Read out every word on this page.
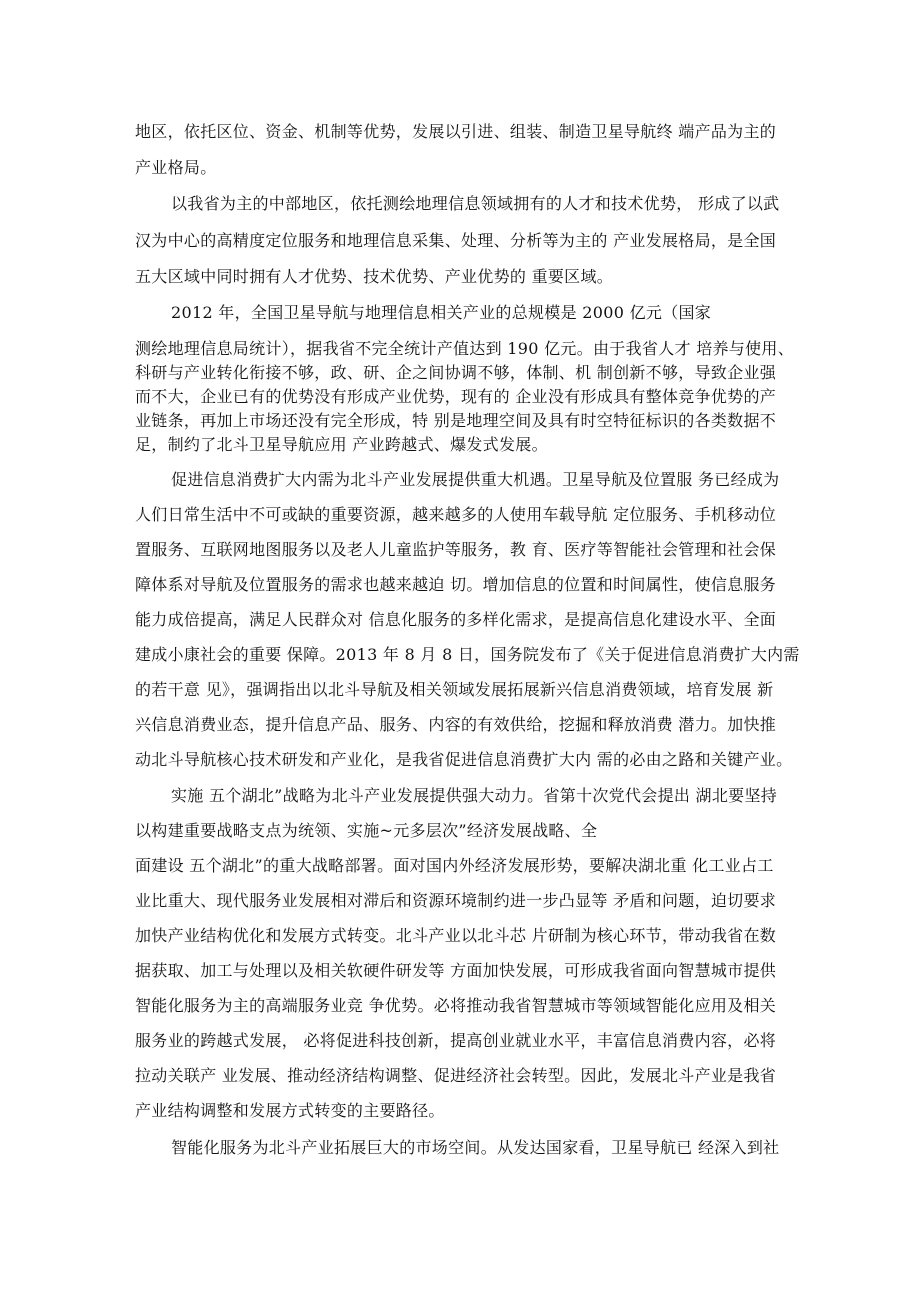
地区，依托区位、资金、机制等优势，发展以引进、组装、制造卫星导航终 端产品为主的
产业格局。
以我省为主的中部地区，依托测绘地理信息领域拥有的人才和技术优势， 形成了以武
汉为中心的高精度定位服务和地理信息采集、处理、分析等为主的 产业发展格局，是全国
五大区域中同时拥有人才优势、技术优势、产业优势的 重要区域。
2012 年，全国卫星导航与地理信息相关产业的总规模是 2000 亿元（国家
测绘地理信息局统计），据我省不完全统计产值达到 190 亿元。由于我省人才 培养与使用、
科研与产业转化衔接不够，政、研、企之间协调不够，体制、机 制创新不够，导致企业强
而不大，企业已有的优势没有形成产业优势，现有的 企业没有形成具有整体竞争优势的产
业链条，再加上市场还没有完全形成，特 别是地理空间及具有时空特征标识的各类数据不
足，制约了北斗卫星导航应用 产业跨越式、爆发式发展。
促进信息消费扩大内需为北斗产业发展提供重大机遇。卫星导航及位置服 务已经成为
人们日常生活中不可或缺的重要资源，越来越多的人使用车载导航 定位服务、手机移动位
置服务、互联网地图服务以及老人儿童监护等服务，教 育、医疗等智能社会管理和社会保
障体系对导航及位置服务的需求也越来越迫 切。增加信息的位置和时间属性，使信息服务
能力成倍提高，满足人民群众对 信息化服务的多样化需求，是提高信息化建设水平、全面
建成小康社会的重要 保障。2013 年 8 月 8 日，国务院发布了《关于促进信息消费扩大内需
的若干意 见》，强调指出以北斗导航及相关领域发展拓展新兴信息消费领域，培育发展 新
兴信息消费业态，提升信息产品、服务、内容的有效供给，挖掘和释放消费 潜力。加快推
动北斗导航核心技术研发和产业化，是我省促进信息消费扩大内 需的必由之路和关键产业。
实施 五个湖北”战略为北斗产业发展提供强大动力。省第十次党代会提出 湖北要坚持
以构建重要战略支点为统领、实施~元多层次”经济发展战略、全
面建设 五个湖北”的重大战略部署。面对国内外经济发展形势，要解决湖北重 化工业占工
业比重大、现代服务业发展相对滞后和资源环境制约进一步凸显等 矛盾和问题，迫切要求
加快产业结构优化和发展方式转变。北斗产业以北斗芯 片研制为核心环节，带动我省在数
据获取、加工与处理以及相关软硬件研发等 方面加快发展，可形成我省面向智慧城市提供
智能化服务为主的高端服务业竞 争优势。必将推动我省智慧城市等领域智能化应用及相关
服务业的跨越式发展， 必将促进科技创新，提高创业就业水平，丰富信息消费内容，必将
拉动关联产 业发展、推动经济结构调整、促进经济社会转型。因此，发展北斗产业是我省
产业结构调整和发展方式转变的主要路径。
智能化服务为北斗产业拓展巨大的市场空间。从发达国家看，卫星导航已 经深入到社
